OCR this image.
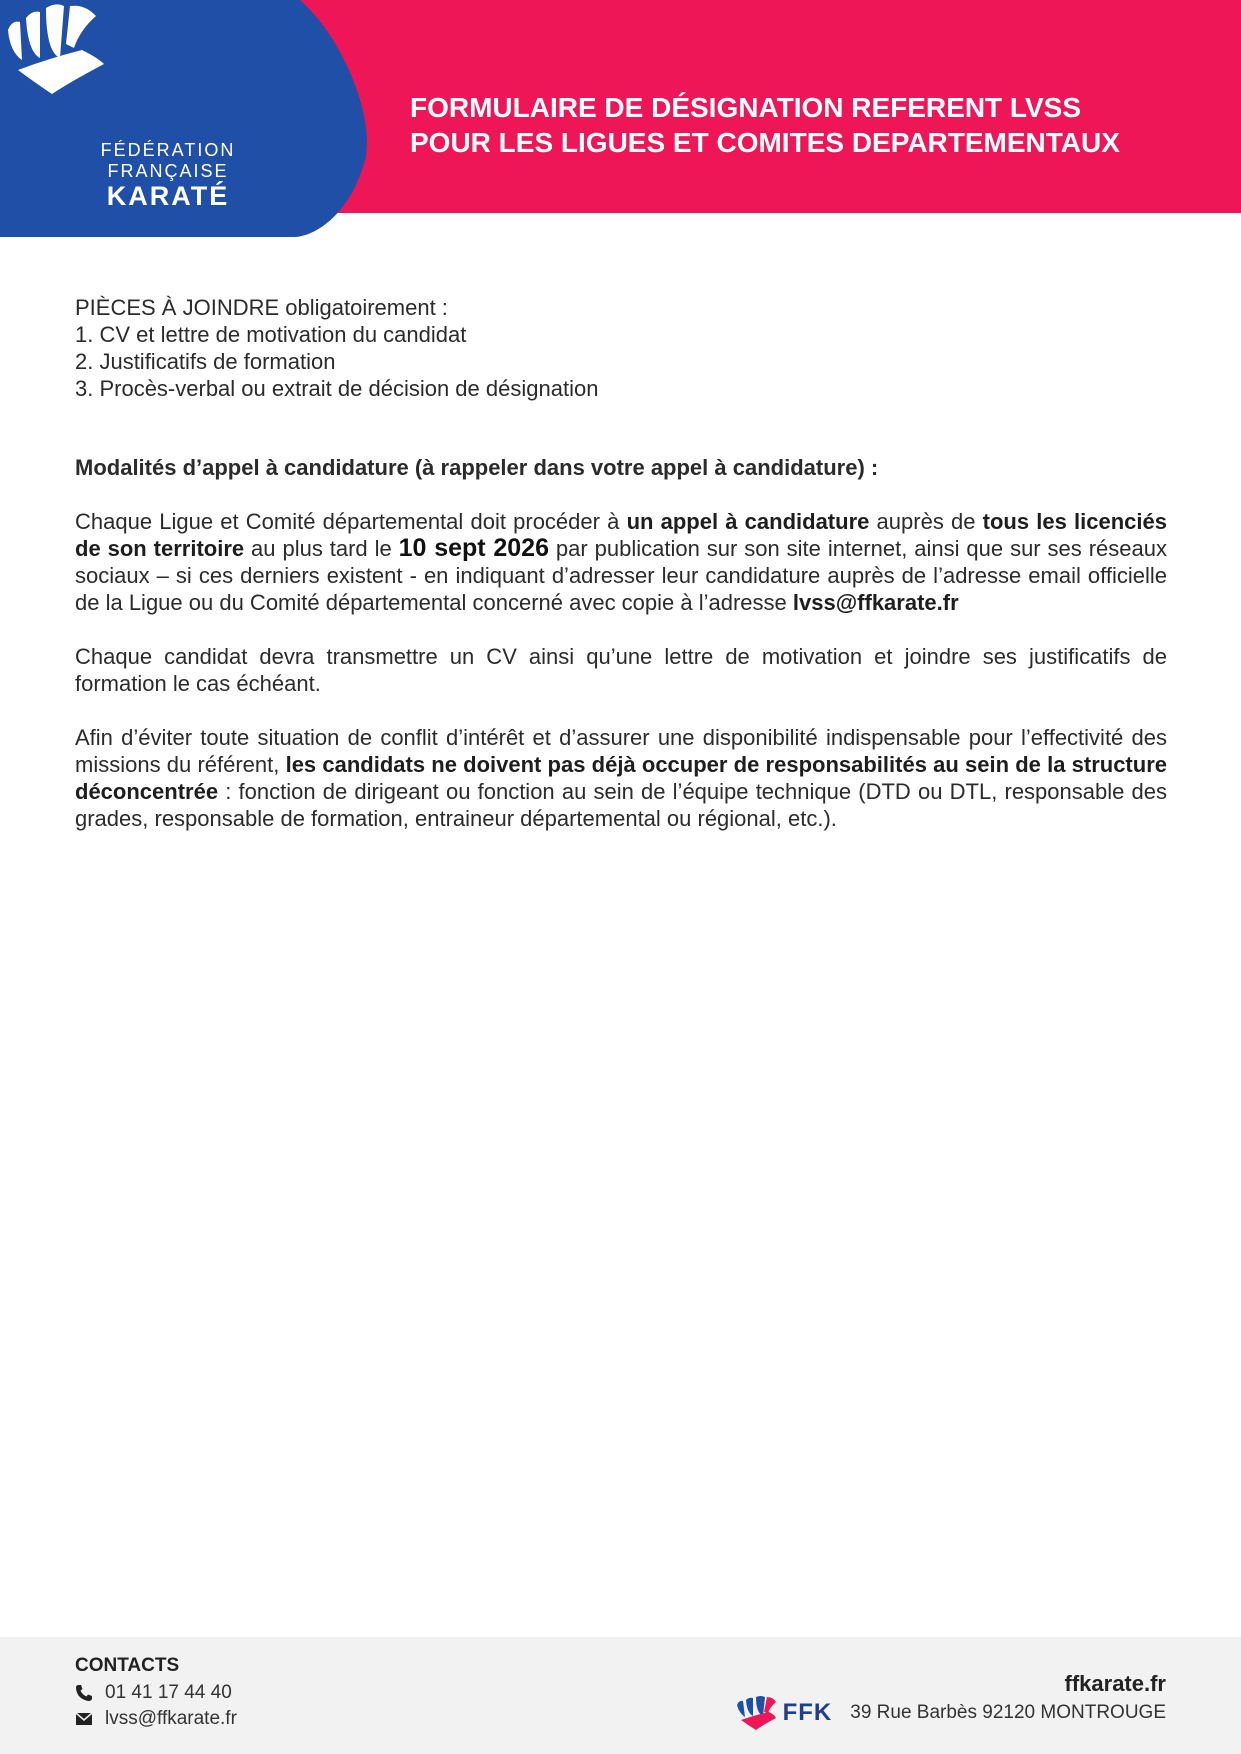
FÉDÉRATION
FRANÇAISE
KARATÉ
FORMULAIRE DE DÉSIGNATION REFERENT LVSS
POUR LES LIGUES ET COMITES DEPARTEMENTAUX

PIÈCES À JOINDRE obligatoirement :
1. CV et lettre de motivation du candidat
2. Justificatifs de formation
3. Procès-verbal ou extrait de décision de désignation

Modalités d’appel à candidature (à rappeler dans votre appel à candidature) :

Chaque Ligue et Comité départemental doit procéder à un appel à candidature auprès de tous les licenciés de son territoire au plus tard le 10 sept 2026 par publication sur son site internet, ainsi que sur ses réseaux sociaux – si ces derniers existent - en indiquant d’adresser leur candidature auprès de l’adresse email officielle de la Ligue ou du Comité départemental concerné avec copie à l’adresse lvss@ffkarate.fr

Chaque candidat devra transmettre un CV ainsi qu’une lettre de motivation et joindre ses justificatifs de formation le cas échéant.

Afin d’éviter toute situation de conflit d’intérêt et d’assurer une disponibilité indispensable pour l’effectivité des missions du référent, les candidats ne doivent pas déjà occuper de responsabilités au sein de la structure déconcentrée : fonction de dirigeant ou fonction au sein de l’équipe technique (DTD ou DTL, responsable des grades, responsable de formation, entraineur départemental ou régional, etc.).

CONTACTS
01 41 17 44 40
lvss@ffkarate.fr
ffkarate.fr
FFK 39 Rue Barbès 92120 MONTROUGE
